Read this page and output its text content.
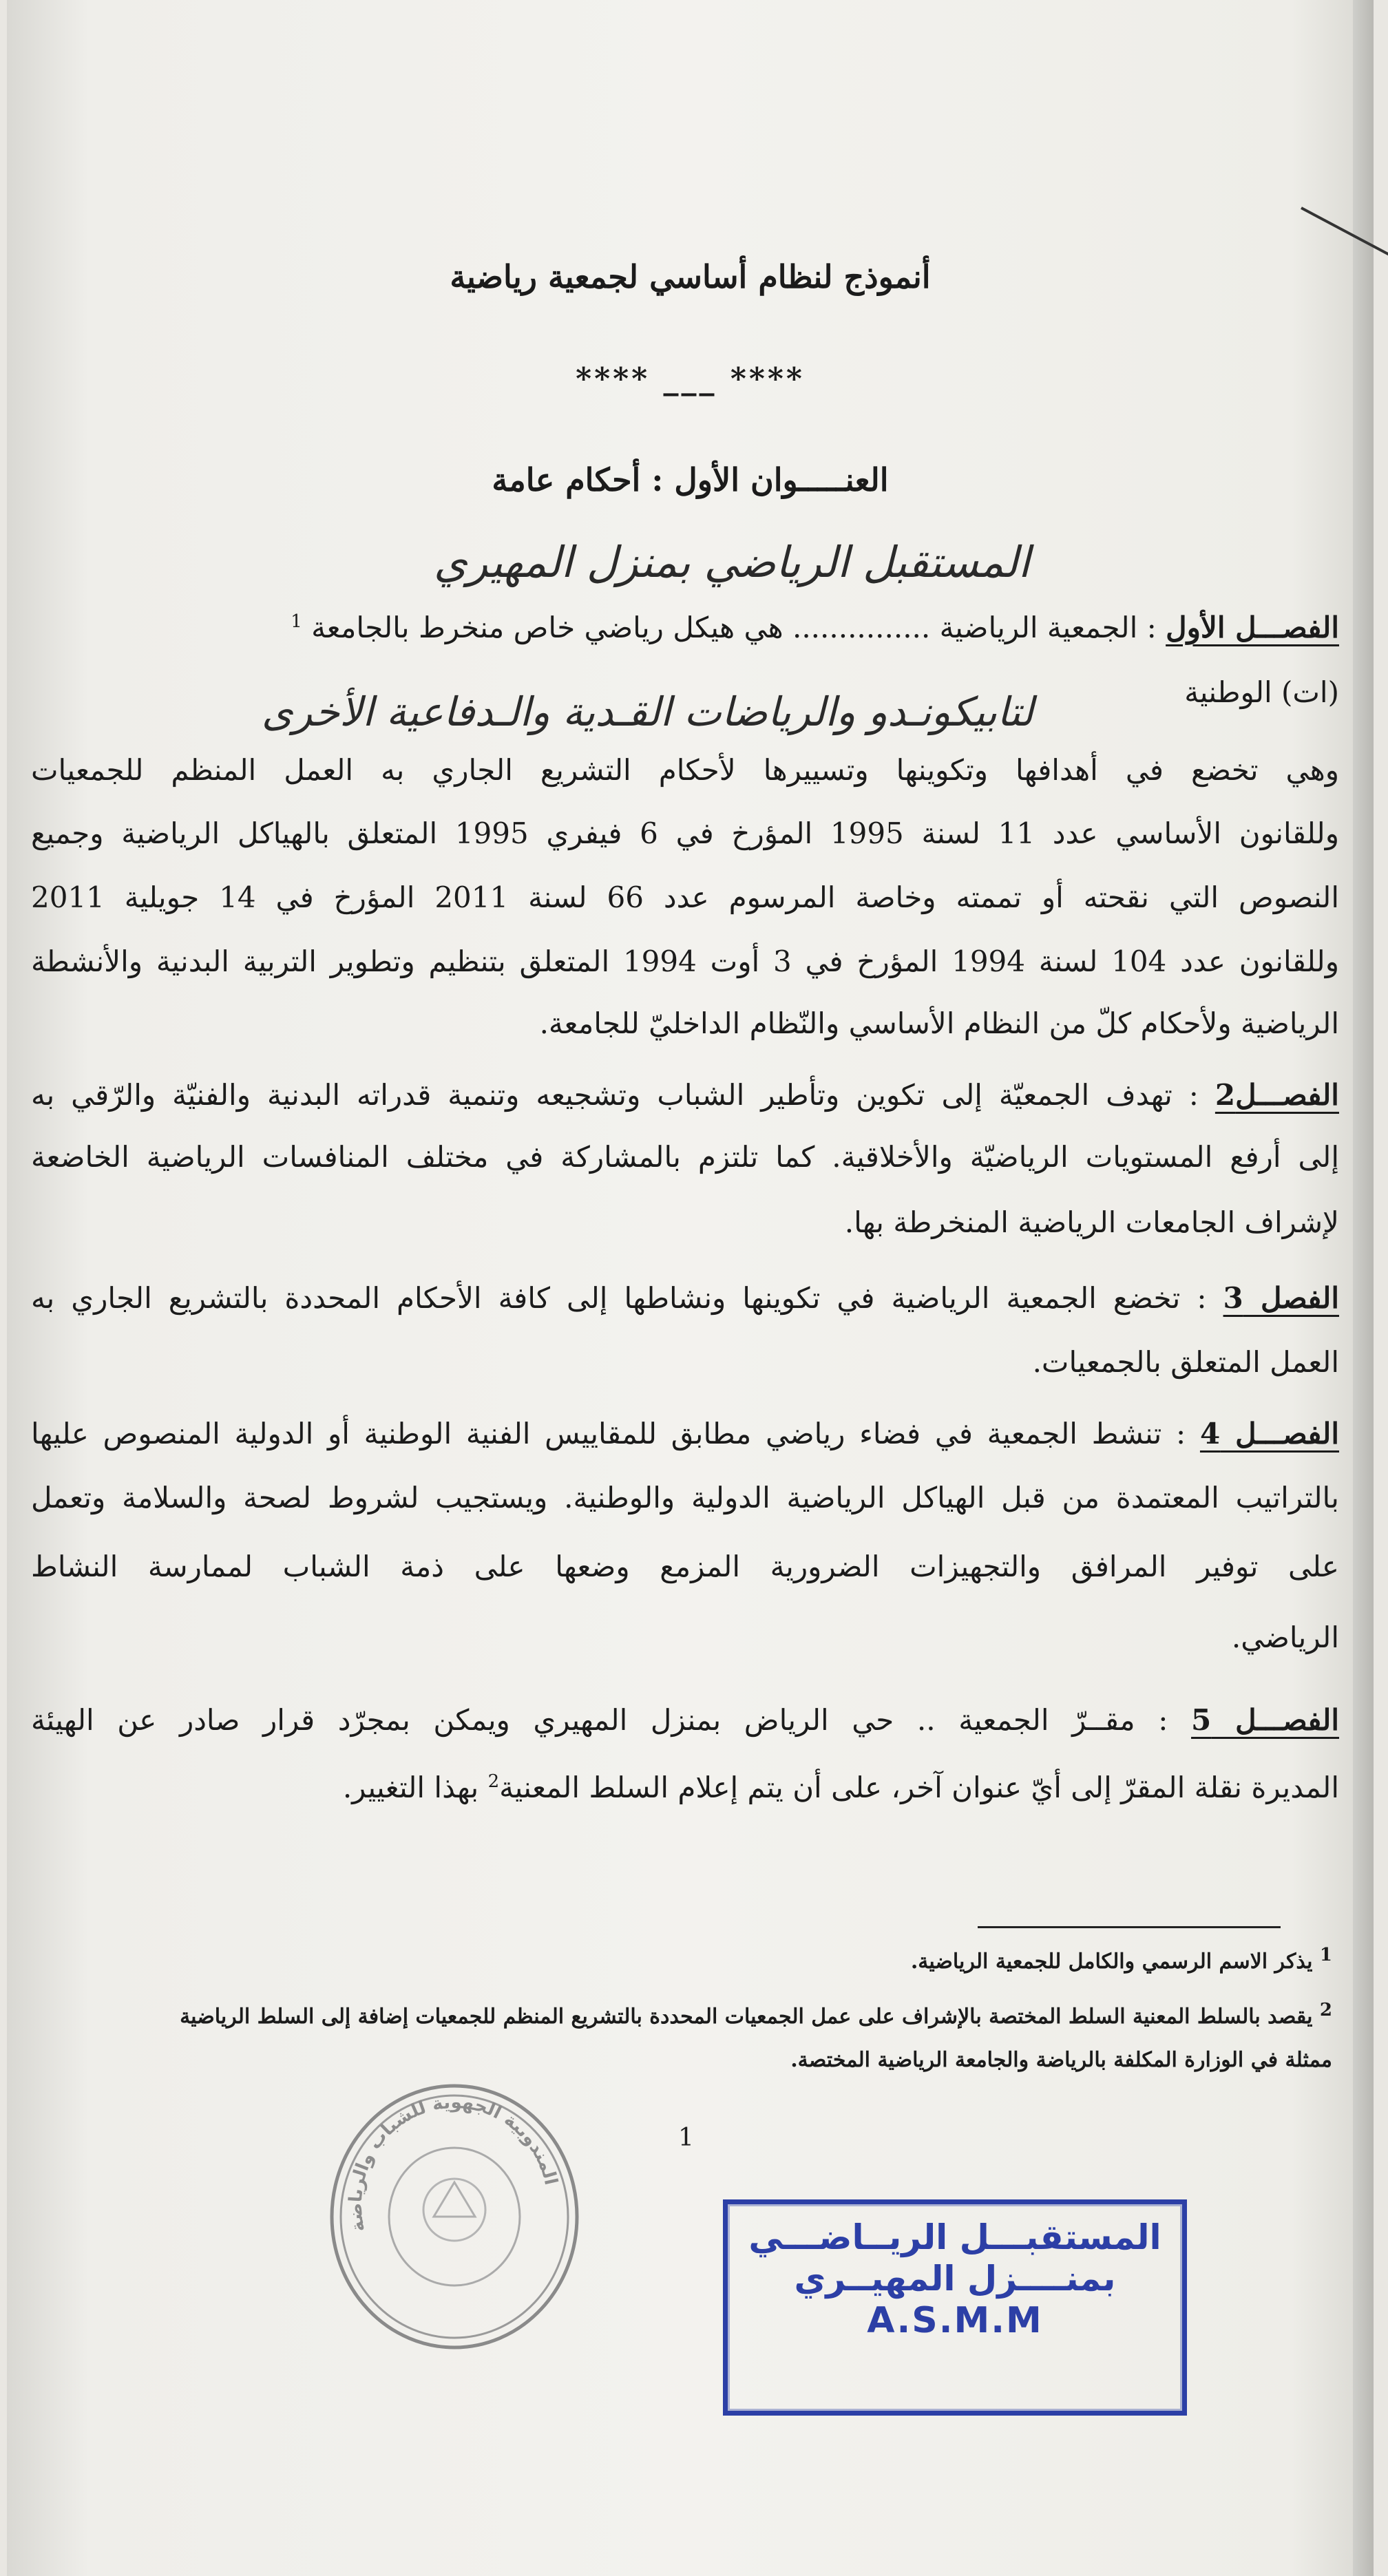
أنموذج لنظام أساسي لجمعية رياضية
**** ___ ****
العنـــــوان الأول : أحكام عامة
المستقبل الرياضي بمنزل المهيري
الفصـــل الأول : الجمعية الرياضية ............... هي هيكل رياضي خاص منخرط بالجامعة $^1$
(ات) الوطنية
لتابيكونـدو والرياضات القـدية والـدفاعية الأخرى
وهي تخضع في أهدافها وتكوينها وتسييرها لأحكام التشريع الجاري به العمل المنظم للجمعيات
وللقانون الأساسي عدد 11 لسنة 1995 المؤرخ في 6 فيفري 1995 المتعلق بالهياكل الرياضية وجميع
النصوص التي نقحته أو تممته وخاصة المرسوم عدد 66 لسنة 2011 المؤرخ في 14 جويلية 2011
وللقانون عدد 104 لسنة 1994 المؤرخ في 3 أوت 1994 المتعلق بتنظيم وتطوير التربية البدنية والأنشطة
الرياضية ولأحكام كلّ من النظام الأساسي والنّظام الداخليّ للجامعة.
الفصـــل2 : تهدف الجمعيّة إلى تكوين وتأطير الشباب وتشجيعه وتنمية قدراته البدنية والفنيّة والرّقي به
إلى أرفع المستويات الرياضيّة والأخلاقية. كما تلتزم بالمشاركة في مختلف المنافسات الرياضية الخاضعة
لإشراف الجامعات الرياضية المنخرطة بها.
الفصل 3 : تخضع الجمعية الرياضية في تكوينها ونشاطها إلى كافة الأحكام المحددة بالتشريع الجاري به
العمل المتعلق بالجمعيات.
الفصـــل 4 : تنشط الجمعية في فضاء رياضي مطابق للمقاييس الفنية الوطنية أو الدولية المنصوص عليها
بالتراتيب المعتمدة من قبل الهياكل الرياضية الدولية والوطنية. ويستجيب لشروط لصحة والسلامة وتعمل
على توفير المرافق والتجهيزات الضرورية المزمع وضعها على ذمة الشباب لممارسة النشاط
الرياضي.
الفصـــل 5 : مقــرّ الجمعية .. حي الرياض بمنزل المهيري ويمكن بمجرّد قرار صادر عن الهيئة
المديرة نقلة المقرّ إلى أيّ عنوان آخر، على أن يتم إعلام السلط المعنية$^2$ بهذا التغيير.
1 يذكر الاسم الرسمي والكامل للجمعية الرياضية.
2 يقصد بالسلط المعنية السلط المختصة بالإشراف على عمل الجمعيات المحددة بالتشريع المنظم للجمعيات إضافة إلى السلط الرياضية
ممثلة في الوزارة المكلفة بالرياضة والجامعة الرياضية المختصة.
1
المندوبية الجهوية للشباب والرياضة
المستقبـــل الريــاضـــي
بمنــــزل المهيــري
A.S.M.M
